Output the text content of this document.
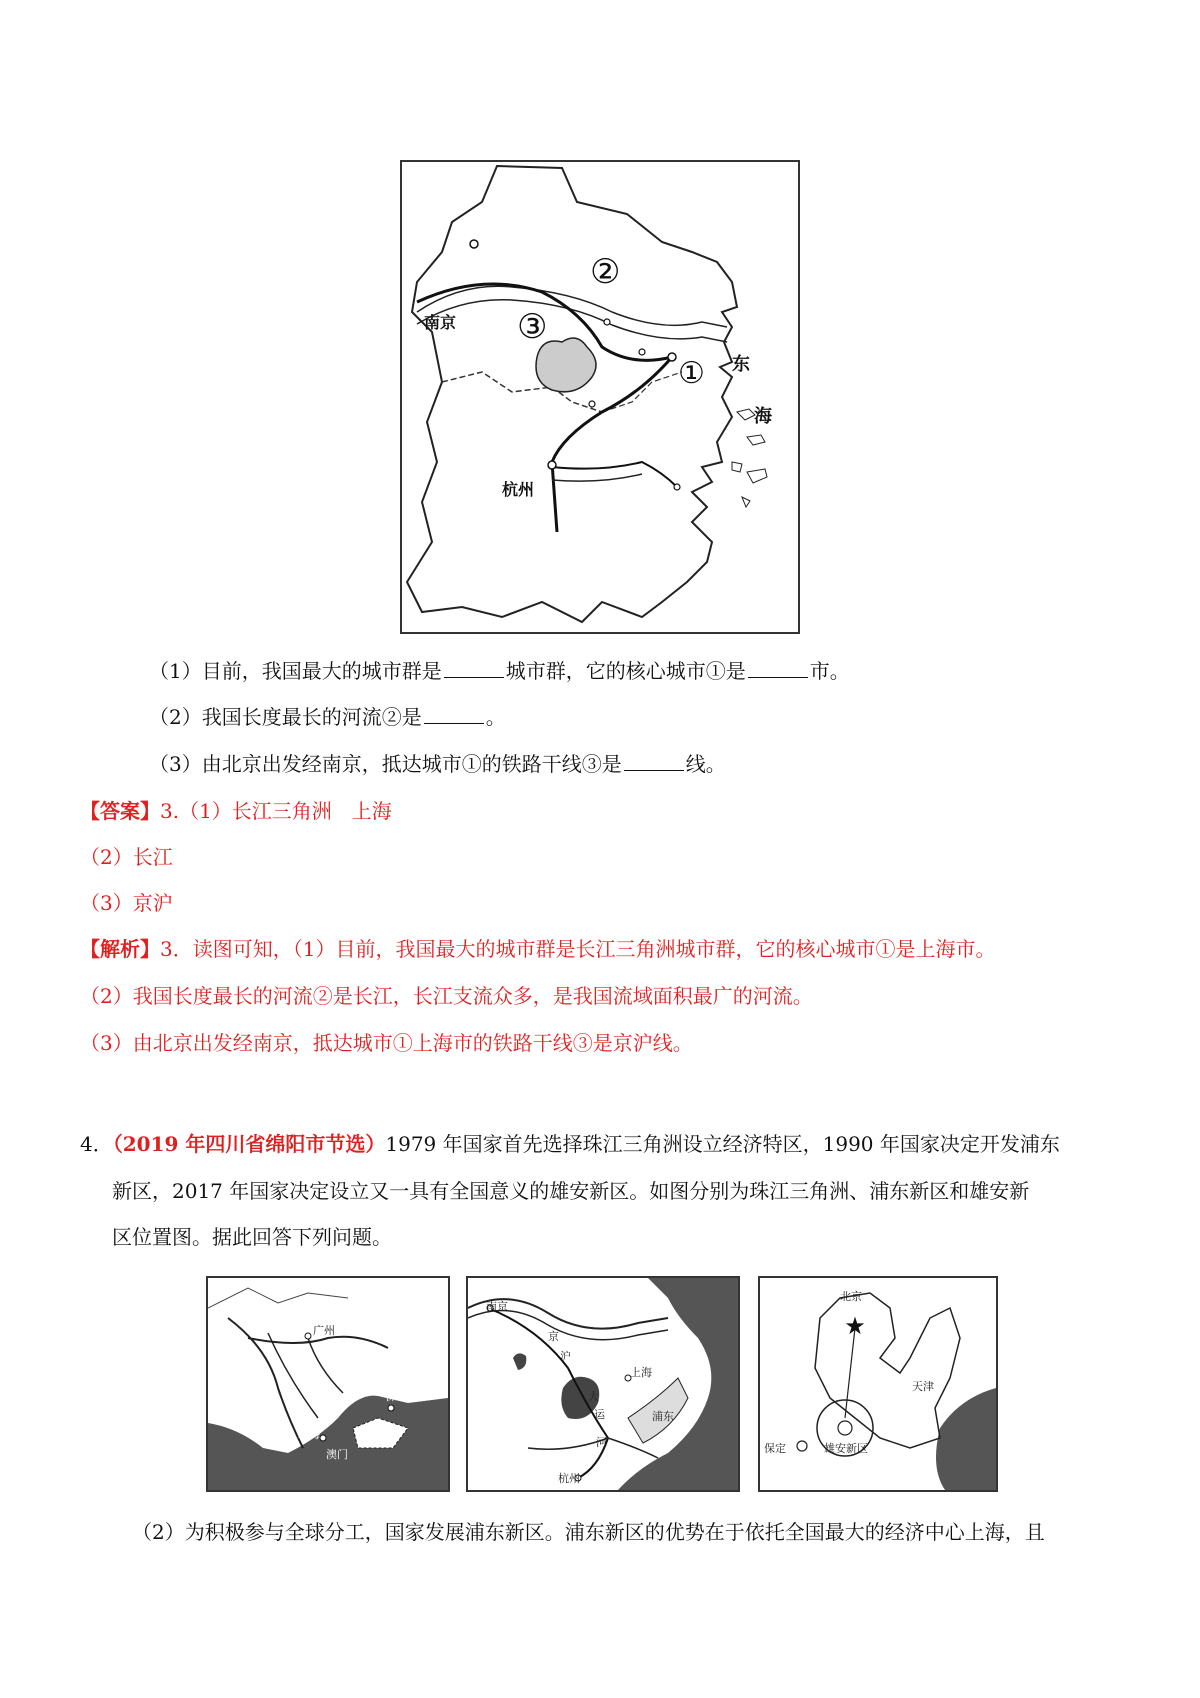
南京
杭州
东
海
①
②
③
（1）目前，我国最大的城市群是	城市群，它的核心城市①是	市。
（2）我国长度最长的河流②是	。
（3）由北京出发经南京，抵达城市①的铁路干线③是	线。
【答案】3.（1）长江三角洲　上海
（2）长江
（3）京沪
【解析】3．读图可知，（1）目前，我国最大的城市群是长江三角洲城市群，它的核心城市①是上海市。
（2）我国长度最长的河流②是长江，长江支流众多，是我国流域面积最广的河流。
（3）由北京出发经南京，抵达城市①上海市的铁路干线③是京沪线。
4．（2019 年四川省绵阳市节选）1979 年国家首先选择珠江三角洲设立经济特区，1990 年国家决定开发浦东
新区，2017 年国家决定设立又一具有全国意义的雄安新区。如图分别为珠江三角洲、浦东新区和雄安新
区位置图。据此回答下列问题。
广州
深圳
珠海
澳门
南京
京
沪
上海
浦东
大
运
河
杭州
★
北京
天津
雄安新区
保定
（2）为积极参与全球分工，国家发展浦东新区。浦东新区的优势在于依托全国最大的经济中心上海，且
